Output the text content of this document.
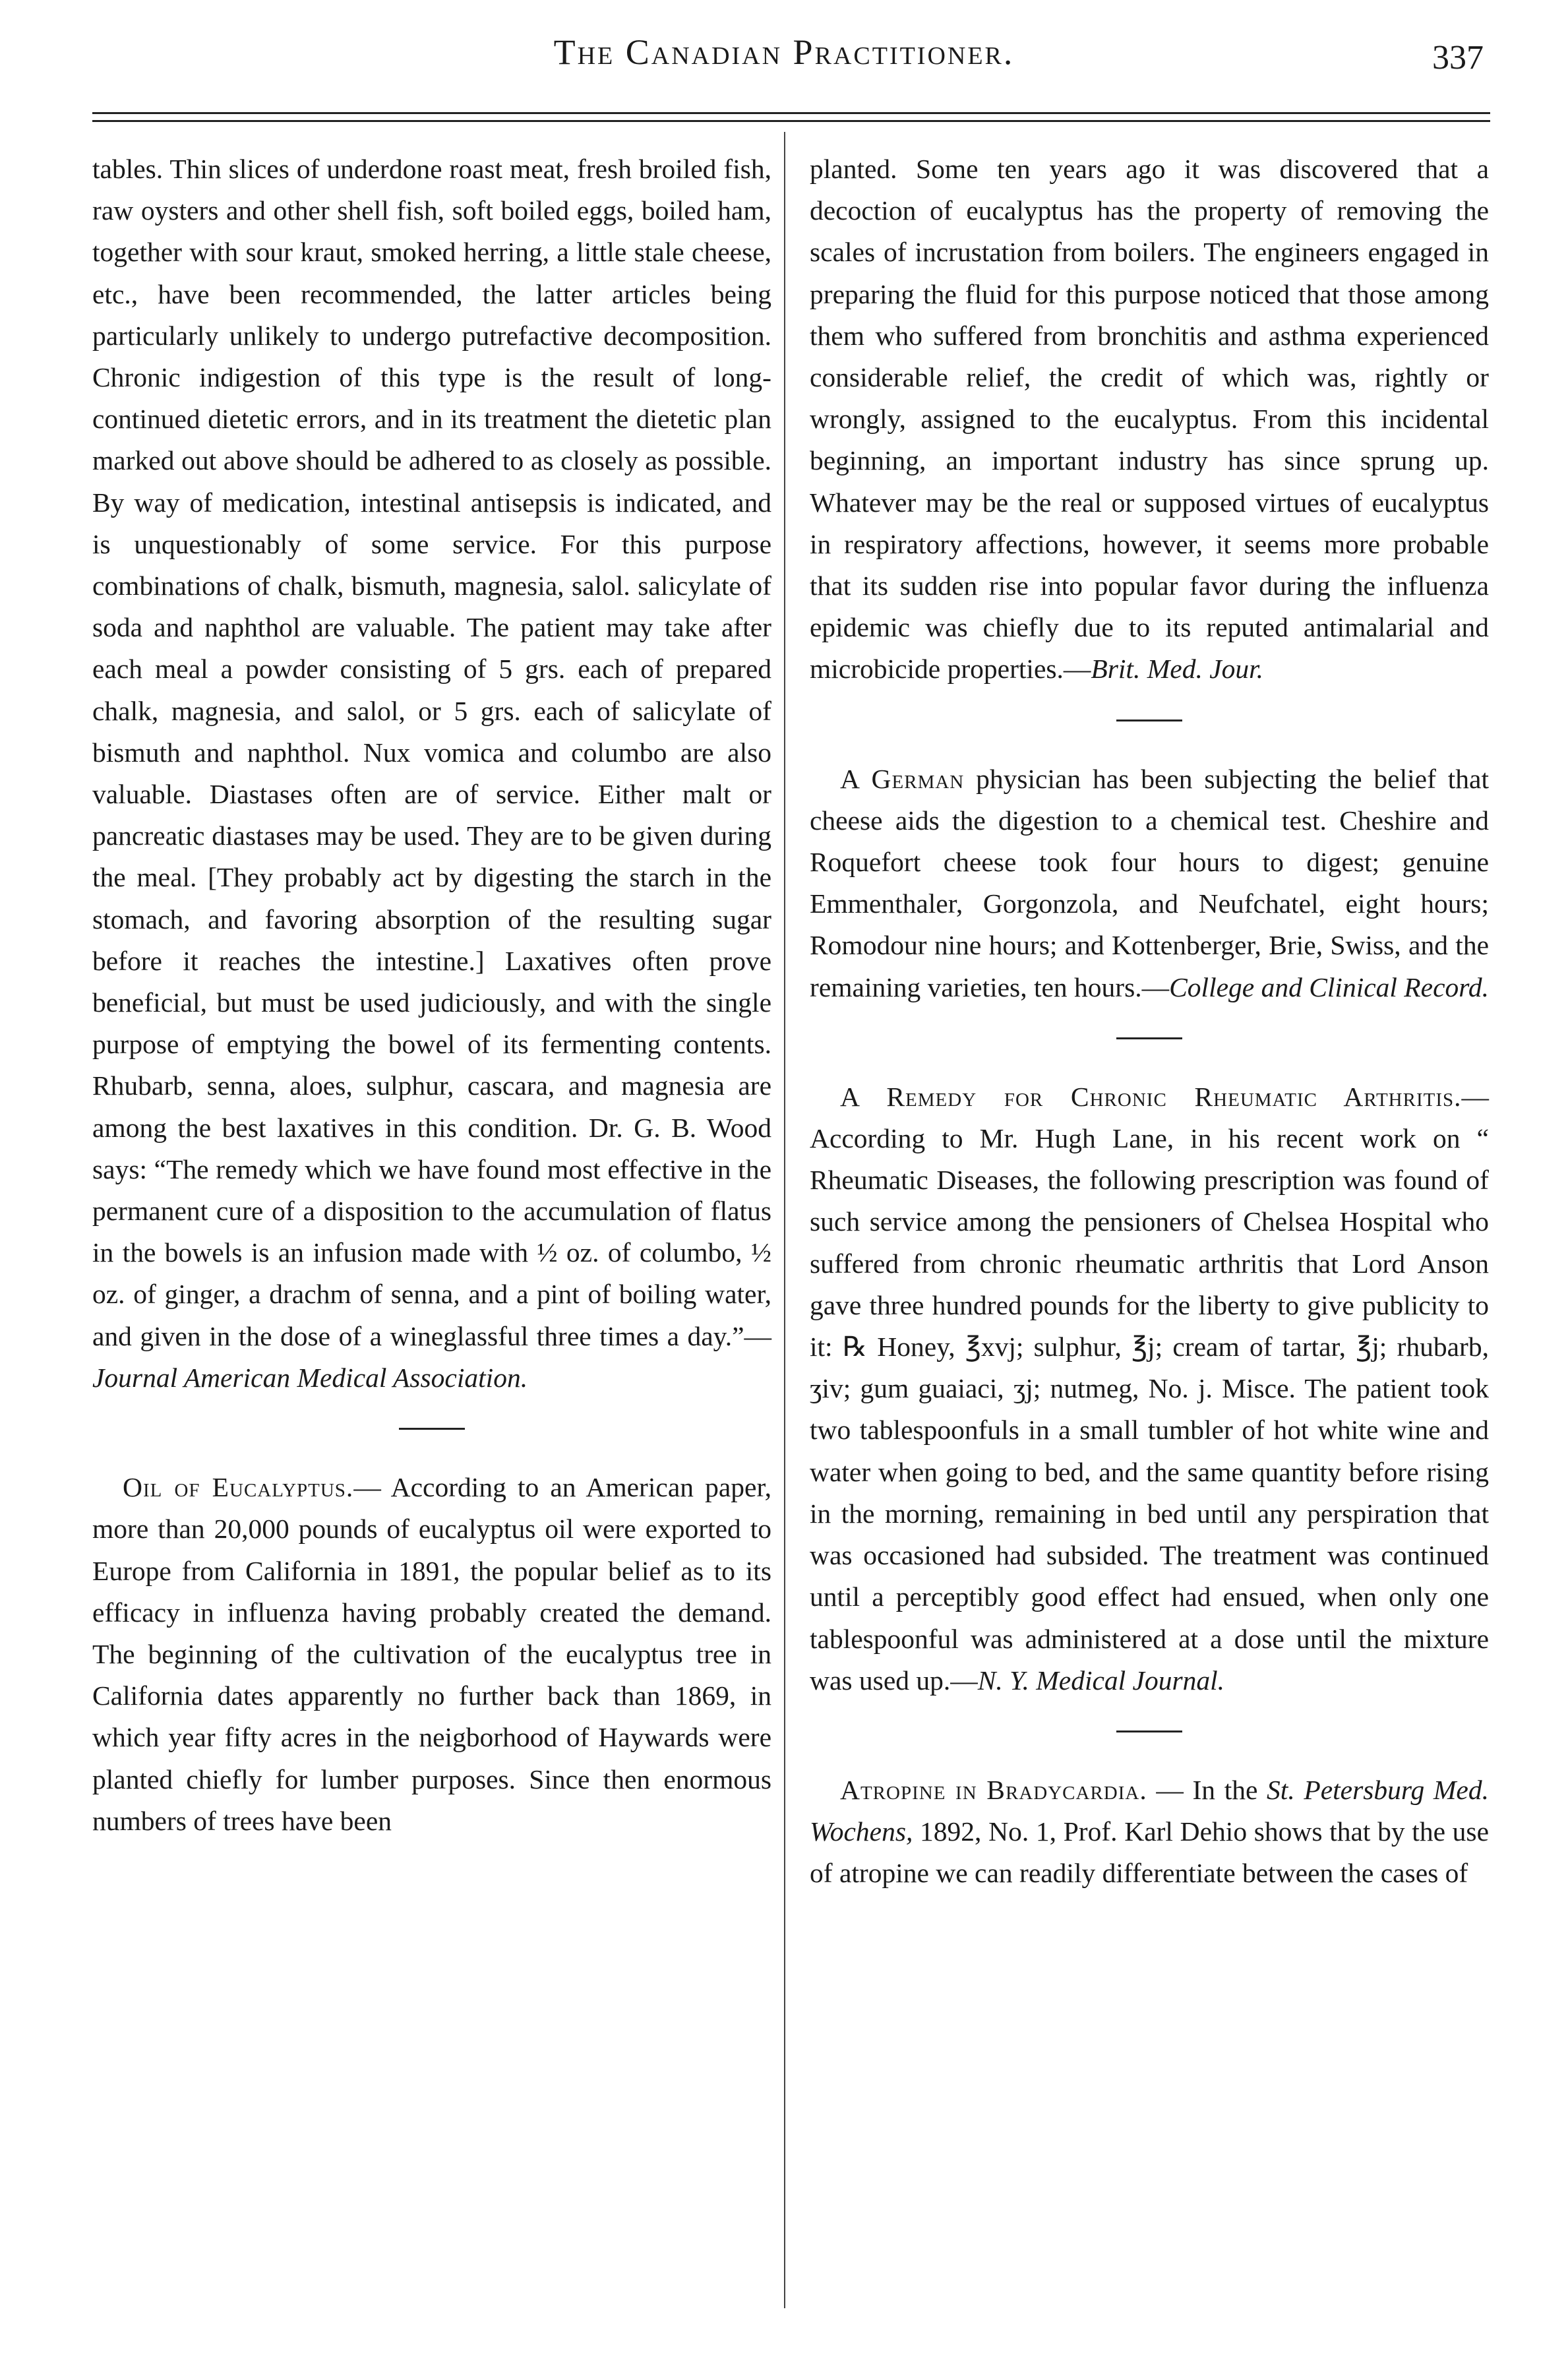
The Canadian Practitioner.	337

tables. Thin slices of underdone roast meat, fresh broiled fish, raw oysters and other shell fish, soft boiled eggs, boiled ham, together with sour kraut, smoked herring, a little stale cheese, etc., have been recommended, the latter articles being particularly unlikely to undergo putrefactive decomposition. Chronic indigestion of this type is the result of long-continued dietetic errors, and in its treatment the dietetic plan marked out above should be adhered to as closely as possible. By way of medication, intestinal antisepsis is indicated, and is unquestionably of some service. For this purpose combinations of chalk, bismuth, magnesia, salol. salicylate of soda and naphthol are valuable. The patient may take after each meal a powder consisting of 5 grs. each of prepared chalk, magnesia, and salol, or 5 grs. each of salicylate of bismuth and naphthol. Nux vomica and columbo are also valuable. Diastases often are of service. Either malt or pancreatic diastases may be used. They are to be given during the meal. [They probably act by digesting the starch in the stomach, and favoring absorption of the resulting sugar before it reaches the intestine.] Laxatives often prove beneficial, but must be used judiciously, and with the single purpose of emptying the bowel of its fermenting contents. Rhubarb, senna, aloes, sulphur, cascara, and magnesia are among the best laxatives in this condition. Dr. G. B. Wood says: “The remedy which we have found most effective in the permanent cure of a disposition to the accumulation of flatus in the bowels is an infusion made with ½ oz. of columbo, ½ oz. of ginger, a drachm of senna, and a pint of boiling water, and given in the dose of a wineglassful three times a day.”—Journal American Medical Association.

Oil of Eucalyptus.— According to an American paper, more than 20,000 pounds of eucalyptus oil were exported to Europe from California in 1891, the popular belief as to its efficacy in influenza having probably created the demand. The beginning of the cultivation of the eucalyptus tree in California dates apparently no further back than 1869, in which year fifty acres in the neigborhood of Haywards were planted chiefly for lumber purposes. Since then enormous numbers of trees have been

planted. Some ten years ago it was discovered that a decoction of eucalyptus has the property of removing the scales of incrustation from boilers. The engineers engaged in preparing the fluid for this purpose noticed that those among them who suffered from bronchitis and asthma experienced considerable relief, the credit of which was, rightly or wrongly, assigned to the eucalyptus. From this incidental beginning, an important industry has since sprung up. Whatever may be the real or supposed virtues of eucalyptus in respiratory affections, however, it seems more probable that its sudden rise into popular favor during the influenza epidemic was chiefly due to its reputed antimalarial and microbicide properties.—Brit. Med. Jour.

A German physician has been subjecting the belief that cheese aids the digestion to a chemical test. Cheshire and Roquefort cheese took four hours to digest; genuine Emmenthaler, Gorgonzola, and Neufchatel, eight hours; Romodour nine hours; and Kottenberger, Brie, Swiss, and the remaining varieties, ten hours.—College and Clinical Record.

A Remedy for Chronic Rheumatic Arthritis.—According to Mr. Hugh Lane, in his recent work on “ Rheumatic Diseases, the following prescription was found of such service among the pensioners of Chelsea Hospital who suffered from chronic rheumatic arthritis that Lord Anson gave three hundred pounds for the liberty to give publicity to it: ℞ Honey, ℥xvj; sulphur, ℥j; cream of tartar, ℥j; rhubarb, ʒiv; gum guaiaci, ʒj; nutmeg, No. j. Misce. The patient took two tablespoonfuls in a small tumbler of hot white wine and water when going to bed, and the same quantity before rising in the morning, remaining in bed until any perspiration that was occasioned had subsided. The treatment was continued until a perceptibly good effect had ensued, when only one tablespoonful was administered at a dose until the mixture was used up.—N. Y. Medical Journal.

Atropine in Bradycardia. — In the St. Petersburg Med. Wochens, 1892, No. 1, Prof. Karl Dehio shows that by the use of atropine we can readily differentiate between the cases of
